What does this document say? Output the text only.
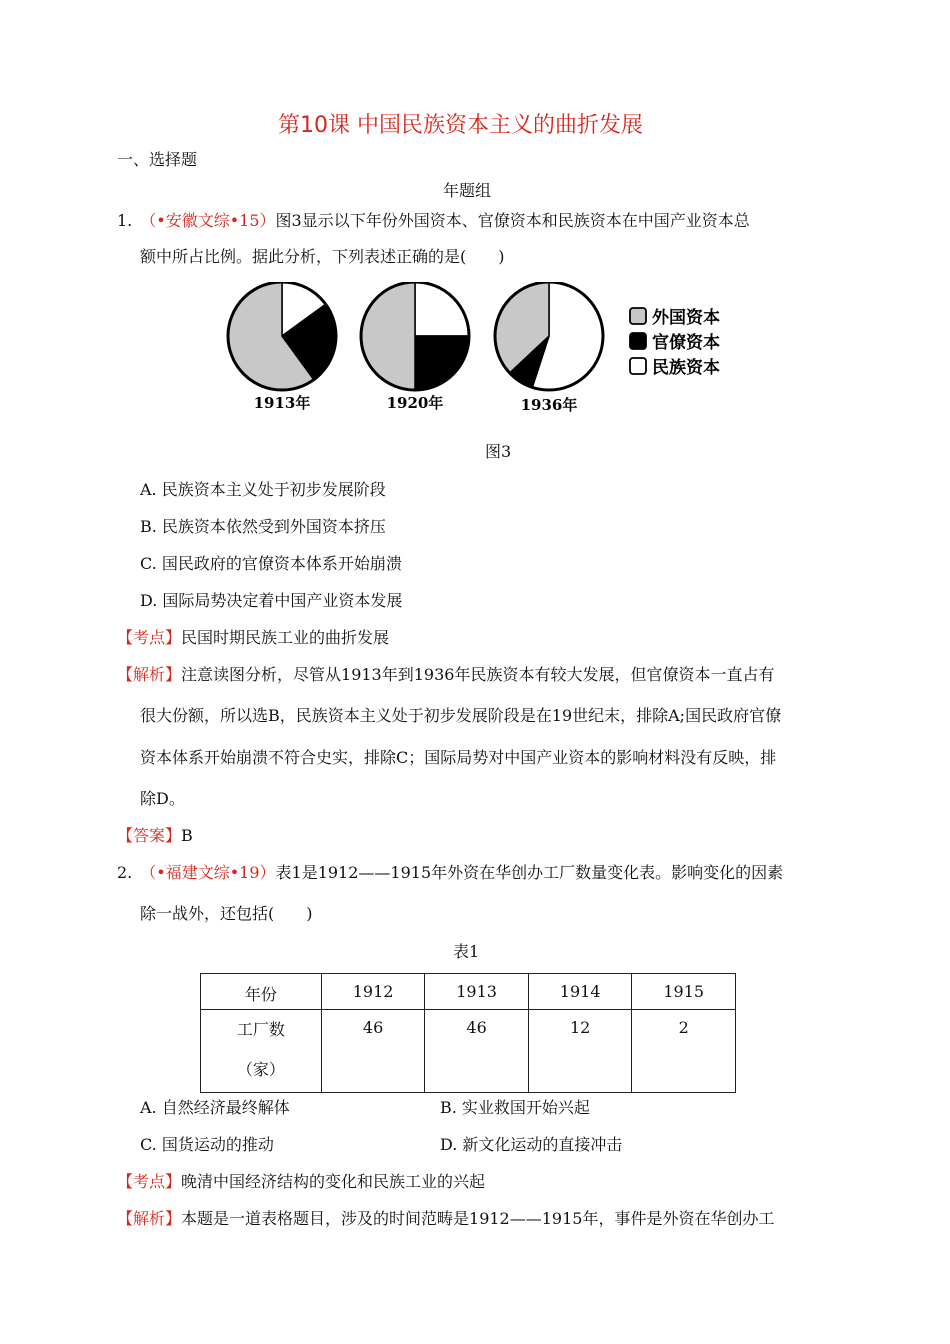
第10课 中国民族资本主义的曲折发展
一、选择题
年题组
1. （•安徽文综•15）图3显示以下年份外国资本、官僚资本和民族资本在中国产业资本总
额中所占比例。据此分析，下列表述正确的是(　　)
1913年	1920年	1936年
外国资本
官僚资本
民族资本
图3
A. 民族资本主义处于初步发展阶段
B. 民族资本依然受到外国资本挤压
C. 国民政府的官僚资本体系开始崩溃
D. 国际局势决定着中国产业资本发展
【考点】民国时期民族工业的曲折发展
【解析】注意读图分析，尽管从1913年到1936年民族资本有较大发展，但官僚资本一直占有
很大份额，所以选B，民族资本主义处于初步发展阶段是在19世纪末，排除A;国民政府官僚
资本体系开始崩溃不符合史实，排除C；国际局势对中国产业资本的影响材料没有反映，排
除D。
【答案】B
2. （•福建文综•19）表1是1912——1915年外资在华创办工厂数量变化表。影响变化的因素
除一战外，还包括(　　)
表1
年份	1912	1913	1914	1915

工厂数
（家）	46	46	12	2
A. 自然经济最终解体	B. 实业救国开始兴起
C. 国货运动的推动	D. 新文化运动的直接冲击
【考点】晚清中国经济结构的变化和民族工业的兴起
【解析】本题是一道表格题目，涉及的时间范畴是1912——1915年，事件是外资在华创办工
